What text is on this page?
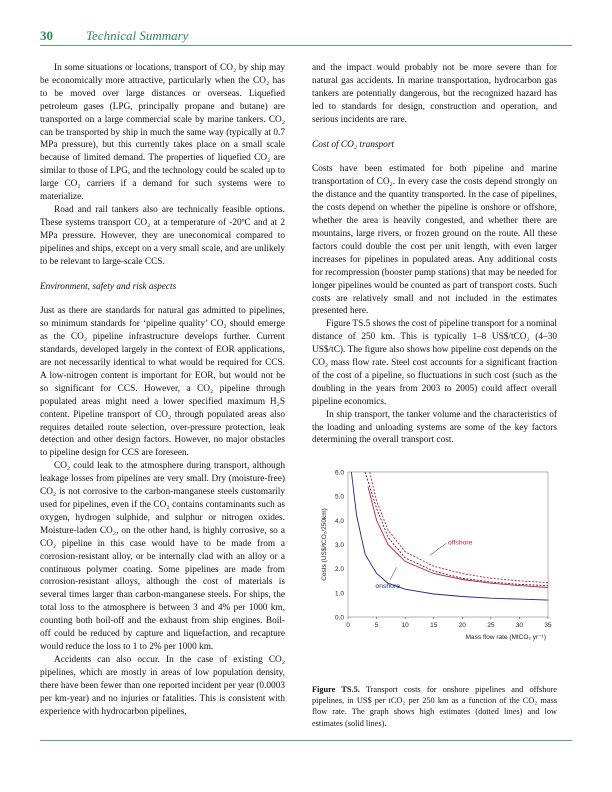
30	Technical Summary

In some situations or locations, transport of CO₂ by ship may be economically more attractive, particularly when the CO₂ has to be moved over large distances or overseas. Liquefied petroleum gases (LPG, principally propane and butane) are transported on a large commercial scale by marine tankers. CO₂ can be transported by ship in much the same way (typically at 0.7 MPa pressure), but this currently takes place on a small scale because of limited demand. The properties of liquefied CO₂ are similar to those of LPG, and the technology could be scaled up to large CO₂ carriers if a demand for such systems were to materialize.

Road and rail tankers also are technically feasible options. These systems transport CO₂ at a temperature of -20ºC and at 2 MPa pressure. However, they are uneconomical compared to pipelines and ships, except on a very small scale, and are unlikely to be relevant to large-scale CCS.

Environment, safety and risk aspects

Just as there are standards for natural gas admitted to pipelines, so minimum standards for ‘pipeline quality’ CO₂ should emerge as the CO₂ pipeline infrastructure develops further. Current standards, developed largely in the context of EOR applications, are not necessarily identical to what would be required for CCS. A low-nitrogen content is important for EOR, but would not be so significant for CCS. However, a CO₂ pipeline through populated areas might need a lower specified maximum H₂S content. Pipeline transport of CO₂ through populated areas also requires detailed route selection, over-pressure protection, leak detection and other design factors. However, no major obstacles to pipeline design for CCS are foreseen.

CO₂ could leak to the atmosphere during transport, although leakage losses from pipelines are very small. Dry (moisture-free) CO₂ is not corrosive to the carbon-manganese steels customarily used for pipelines, even if the CO₂ contains contaminants such as oxygen, hydrogen sulphide, and sulphur or nitrogen oxides. Moisture-laden CO₂, on the other hand, is highly corrosive, so a CO₂ pipeline in this case would have to be made from a corrosion-resistant alloy, or be internally clad with an alloy or a continuous polymer coating. Some pipelines are made from corrosion-resistant alloys, although the cost of materials is several times larger than carbon-manganese steels. For ships, the total loss to the atmosphere is between 3 and 4% per 1000 km, counting both boil-off and the exhaust from ship engines. Boil-off could be reduced by capture and liquefaction, and recapture would reduce the loss to 1 to 2% per 1000 km.

Accidents can also occur. In the case of existing CO₂ pipelines, which are mostly in areas of low population density, there have been fewer than one reported incident per year (0.0003 per km-year) and no injuries or fatalities. This is consistent with experience with hydrocarbon pipelines,

and the impact would probably not be more severe than for natural gas accidents. In marine transportation, hydrocarbon gas tankers are potentially dangerous, but the recognized hazard has led to standards for design, construction and operation, and serious incidents are rare.

Cost of CO₂ transport

Costs have been estimated for both pipeline and marine transportation of CO₂. In every case the costs depend strongly on the distance and the quantity transported. In the case of pipelines, the costs depend on whether the pipeline is onshore or offshore, whether the area is heavily congested, and whether there are mountains, large rivers, or frozen ground on the route. All these factors could double the cost per unit length, with even larger increases for pipelines in populated areas. Any additional costs for recompression (booster pump stations) that may be needed for longer pipelines would be counted as part of transport costs. Such costs are relatively small and not included in the estimates presented here.

Figure TS.5 shows the cost of pipeline transport for a nominal distance of 250 km. This is typically 1–8 US$/tCO₂ (4–30 US$/tC). The figure also shows how pipeline cost depends on the CO₂ mass flow rate. Steel cost accounts for a significant fraction of the cost of a pipeline, so fluctuations in such cost (such as the doubling in the years from 2003 to 2005) could affect overall pipeline economics.

In ship transport, the tanker volume and the characteristics of the loading and unloading systems are some of the key factors determining the overall transport cost.

0.0
1.0
2.0
3.0
4.0
5.0
6.0
0	5	10	15	20	25	30	35
Mass flow rate (MtCO₂ yr⁻¹)
Costs (US$/tCO₂/250km)	offshore
onshore
Figure TS.5. Transport costs for onshore pipelines and offshore pipelines, in US$ per tCO₂ per 250 km as a function of the CO₂ mass flow rate. The graph shows high estimates (dotted lines) and low estimates (solid lines).
